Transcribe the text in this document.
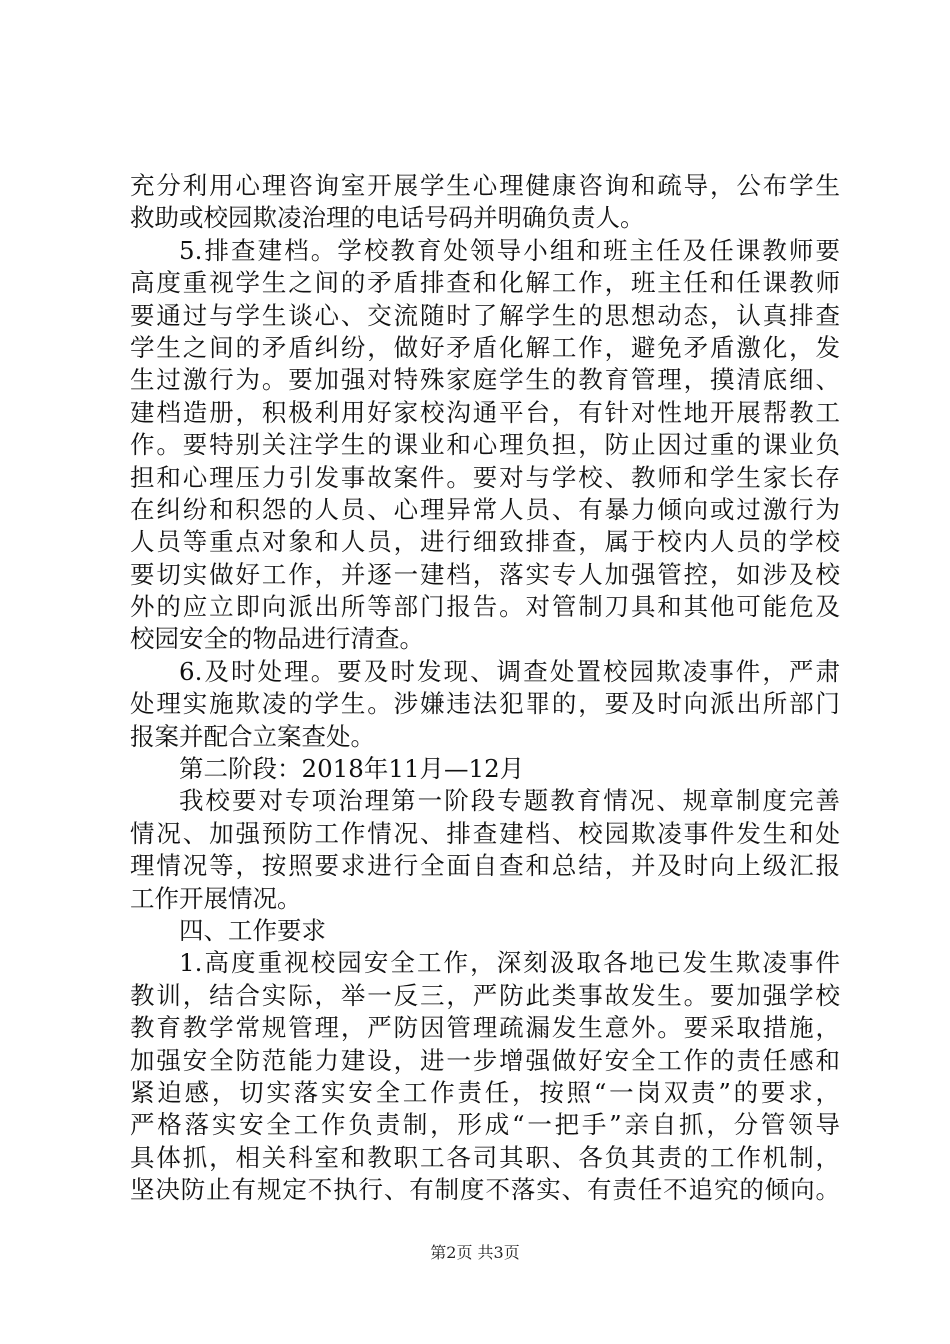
充分利用心理咨询室开展学生心理健康咨询和疏导，公布学生
救助或校园欺凌治理的电话号码并明确负责人。
5.排查建档。学校教育处领导小组和班主任及任课教师要
高度重视学生之间的矛盾排查和化解工作，班主任和任课教师
要通过与学生谈心、交流随时了解学生的思想动态，认真排查
学生之间的矛盾纠纷，做好矛盾化解工作，避免矛盾激化，发
生过激行为。要加强对特殊家庭学生的教育管理，摸清底细、
建档造册，积极利用好家校沟通平台，有针对性地开展帮教工
作。要特别关注学生的课业和心理负担，防止因过重的课业负
担和心理压力引发事故案件。要对与学校、教师和学生家长存
在纠纷和积怨的人员、心理异常人员、有暴力倾向或过激行为
人员等重点对象和人员，进行细致排查，属于校内人员的学校
要切实做好工作，并逐一建档，落实专人加强管控，如涉及校
外的应立即向派出所等部门报告。对管制刀具和其他可能危及
校园安全的物品进行清查。
6.及时处理。要及时发现、调查处置校园欺凌事件，严肃
处理实施欺凌的学生。涉嫌违法犯罪的，要及时向派出所部门
报案并配合立案查处。
第二阶段：2018年11月—12月
我校要对专项治理第一阶段专题教育情况、规章制度完善
情况、加强预防工作情况、排查建档、校园欺凌事件发生和处
理情况等，按照要求进行全面自查和总结，并及时向上级汇报
工作开展情况。
四、工作要求
1.高度重视校园安全工作，深刻汲取各地已发生欺凌事件
教训，结合实际，举一反三，严防此类事故发生。要加强学校
教育教学常规管理，严防因管理疏漏发生意外。要采取措施，
加强安全防范能力建设，进一步增强做好安全工作的责任感和
紧迫感，切实落实安全工作责任，按照“一岗双责”的要求，
严格落实安全工作负责制，形成“一把手”亲自抓，分管领导
具体抓，相关科室和教职工各司其职、各负其责的工作机制，
坚决防止有规定不执行、有制度不落实、有责任不追究的倾向。
第2页 共3页
